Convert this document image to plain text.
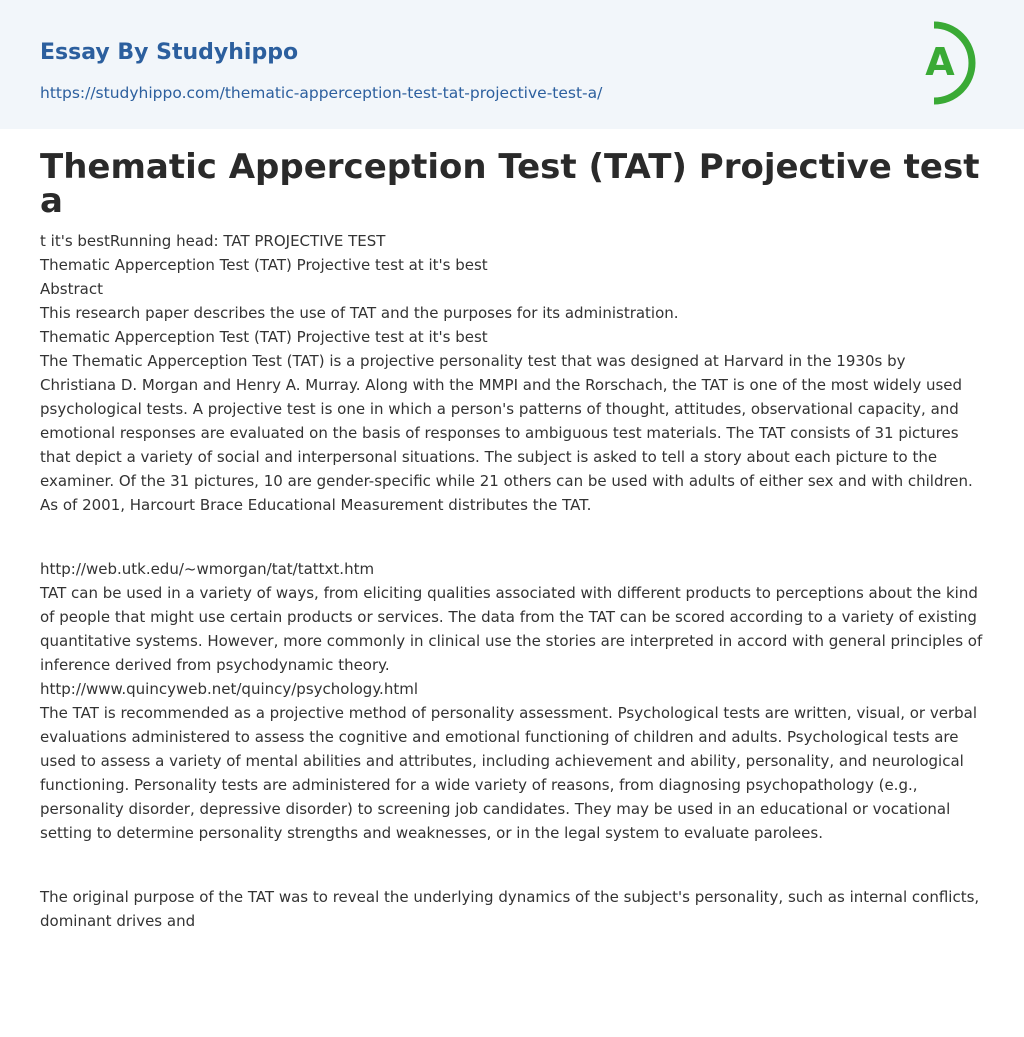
Essay By Studyhippo
https://studyhippo.com/thematic-apperception-test-tat-projective-test-a/
A
Thematic Apperception Test (TAT) Projective test a
t it's bestRunning head: TAT PROJECTIVE TEST
Thematic Apperception Test (TAT) Projective test at it's best
Abstract
This research paper describes the use of TAT and the purposes for its administration.
Thematic Apperception Test (TAT) Projective test at it's best
The Thematic Apperception Test (TAT) is a projective personality test that was designed at Harvard in the 1930s by Christiana D. Morgan and Henry A. Murray. Along with the MMPI and the Rorschach, the TAT is one of the most widely used psychological tests. A projective test is one in which a person's patterns of thought, attitudes, observational capacity, and emotional responses are evaluated on the basis of responses to ambiguous test materials. The TAT consists of 31 pictures that depict a variety of social and interpersonal situations. The subject is asked to tell a story about each picture to the examiner. Of the 31 pictures, 10 are gender-specific while 21 others can be used with adults of either sex and with children. As of 2001, Harcourt Brace Educational Measurement distributes the TAT.
http://web.utk.edu/~wmorgan/tat/tattxt.htm
TAT can be used in a variety of ways, from eliciting qualities associated with different products to perceptions about the kind of people that might use certain products or services. The data from the TAT can be scored according to a variety of existing quantitative systems. However, more commonly in clinical use the stories are interpreted in accord with general principles of inference derived from psychodynamic theory.
http://www.quincyweb.net/quincy/psychology.html
The TAT is recommended as a projective method of personality assessment. Psychological tests are written, visual, or verbal evaluations administered to assess the cognitive and emotional functioning of children and adults. Psychological tests are used to assess a variety of mental abilities and attributes, including achievement and ability, personality, and neurological functioning. Personality tests are administered for a wide variety of reasons, from diagnosing psychopathology (e.g., personality disorder, depressive disorder) to screening job candidates. They may be used in an educational or vocational setting to determine personality strengths and weaknesses, or in the legal system to evaluate parolees.
The original purpose of the TAT was to reveal the underlying dynamics of the subject's personality, such as internal conflicts, dominant drives and
